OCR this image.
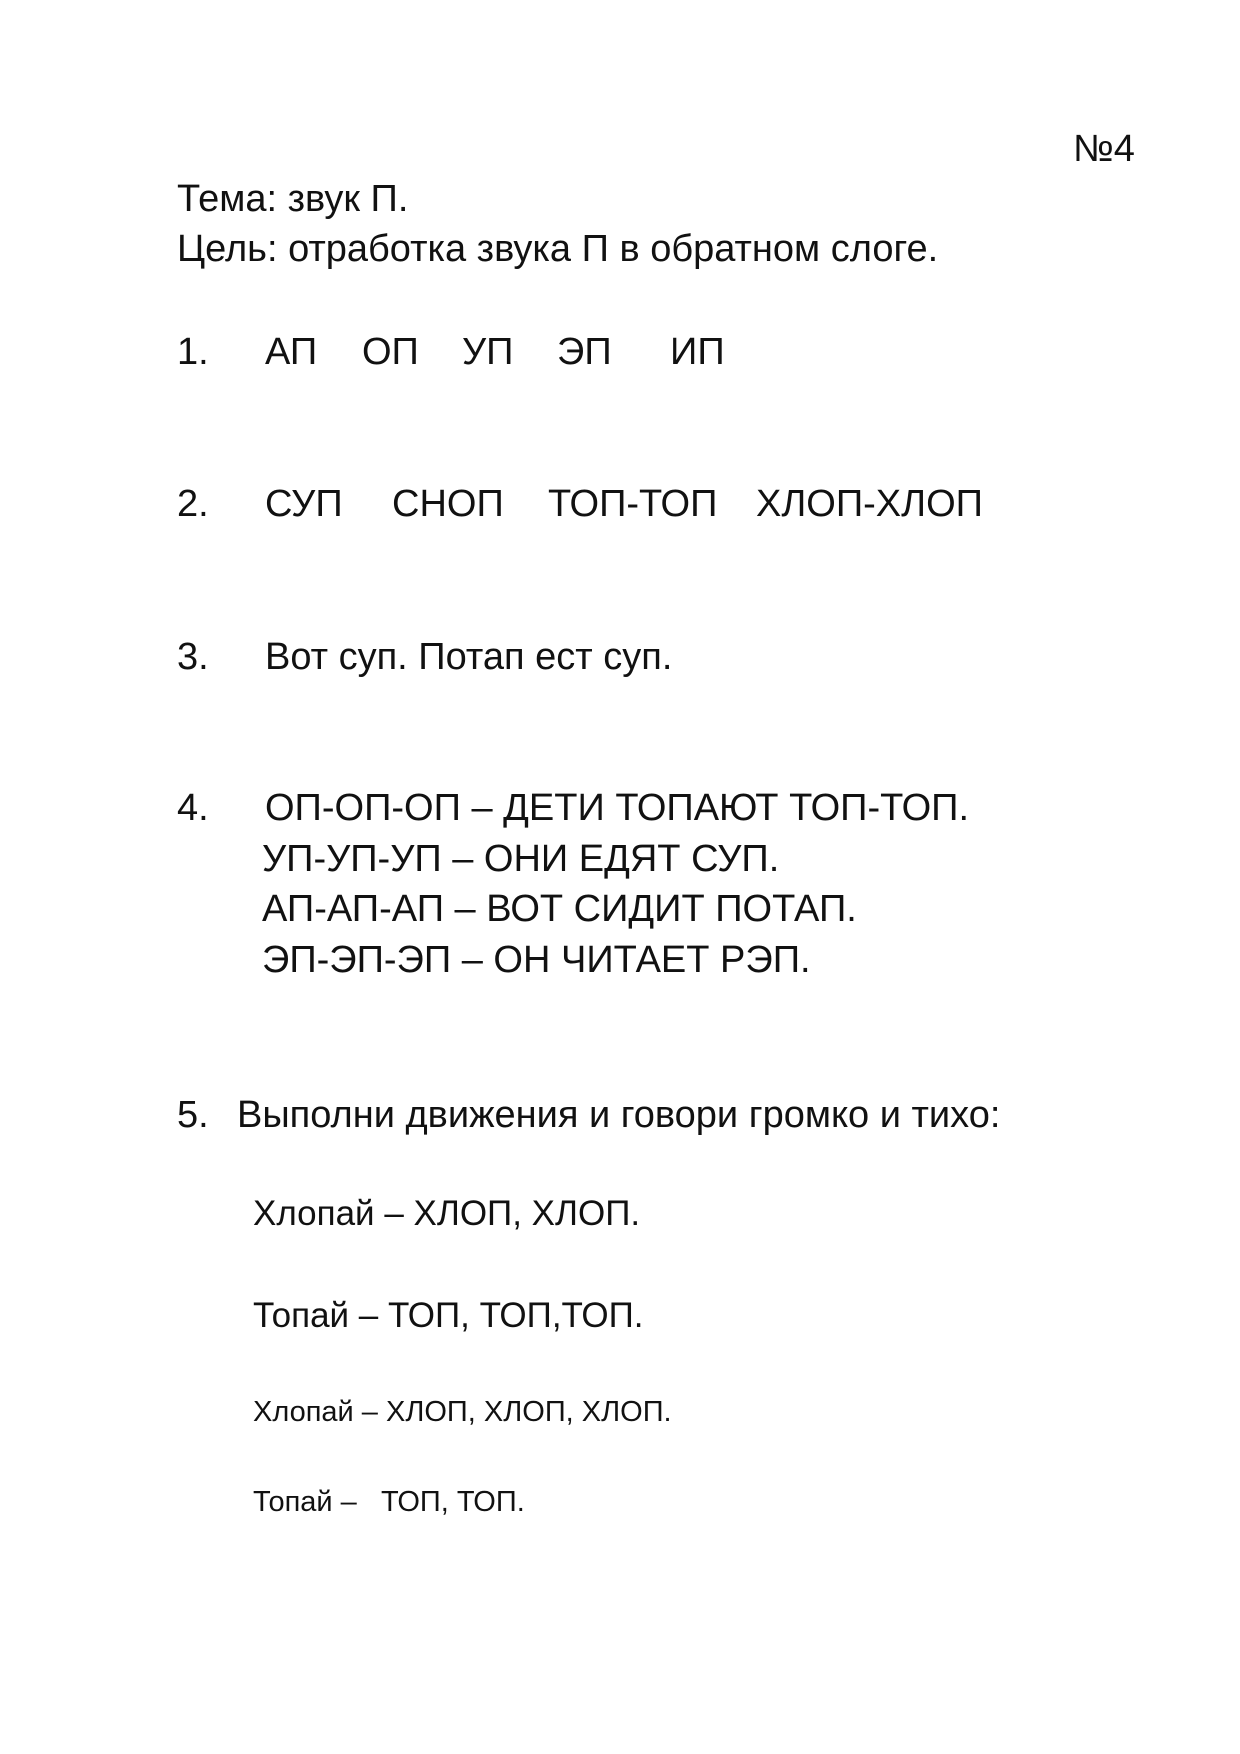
№4
Тема: звук П.
Цель: отработка звука П в обратном слоге.
1. АП ОП УП ЭП ИП
2. СУП СНОП ТОП-ТОП ХЛОП-ХЛОП
3. Вот суп. Потап ест суп.
4. ОП-ОП-ОП – ДЕТИ ТОПАЮТ ТОП-ТОП.
УП-УП-УП – ОНИ ЕДЯТ СУП.
АП-АП-АП – ВОТ СИДИТ ПОТАП.
ЭП-ЭП-ЭП – ОН ЧИТАЕТ РЭП.
5. Выполни движения и говори громко и тихо:
Хлопай – ХЛОП, ХЛОП.
Топай – ТОП, ТОП,ТОП.
Хлопай – ХЛОП, ХЛОП, ХЛОП.
Топай –   ТОП, ТОП.
